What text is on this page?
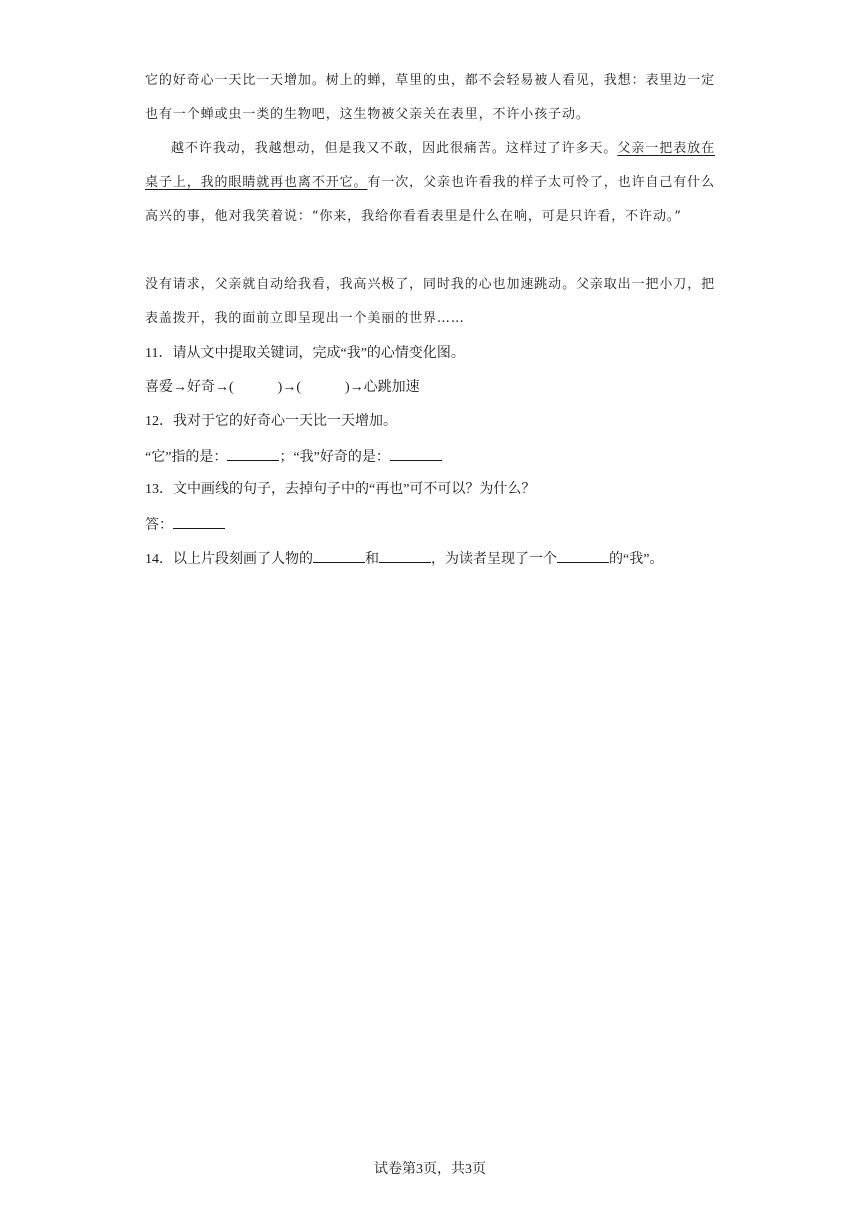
它的好奇心一天比一天增加。树上的蝉，草里的虫，都不会轻易被人看见，我想：表里边一定也有一个蝉或虫一类的生物吧，这生物被父亲关在表里，不许小孩子动。

越不许我动，我越想动，但是我又不敢，因此很痛苦。这样过了许多天。父亲一把表放在桌子上，我的眼睛就再也离不开它。有一次，父亲也许看我的样子太可怜了，也许自己有什么高兴的事，他对我笑着说：“你来，我给你看看表里是什么在响，可是只许看，不许动。”

没有请求，父亲就自动给我看，我高兴极了，同时我的心也加速跳动。父亲取出一把小刀，把表盖拨开，我的面前立即呈现出一个美丽的世界……

11．请从文中提取关键词，完成“我”的心情变化图。
喜爱→好奇→(	)→(	)→心跳加速
12．我对于它的好奇心一天比一天增加。
“它”指的是：	；“我”好奇的是：
13．文中画线的句子，去掉句子中的“再也”可不可以？为什么？
答：
14．以上片段刻画了人物的	和	，为读者呈现了一个	的“我”。
试卷第3页，共3页
